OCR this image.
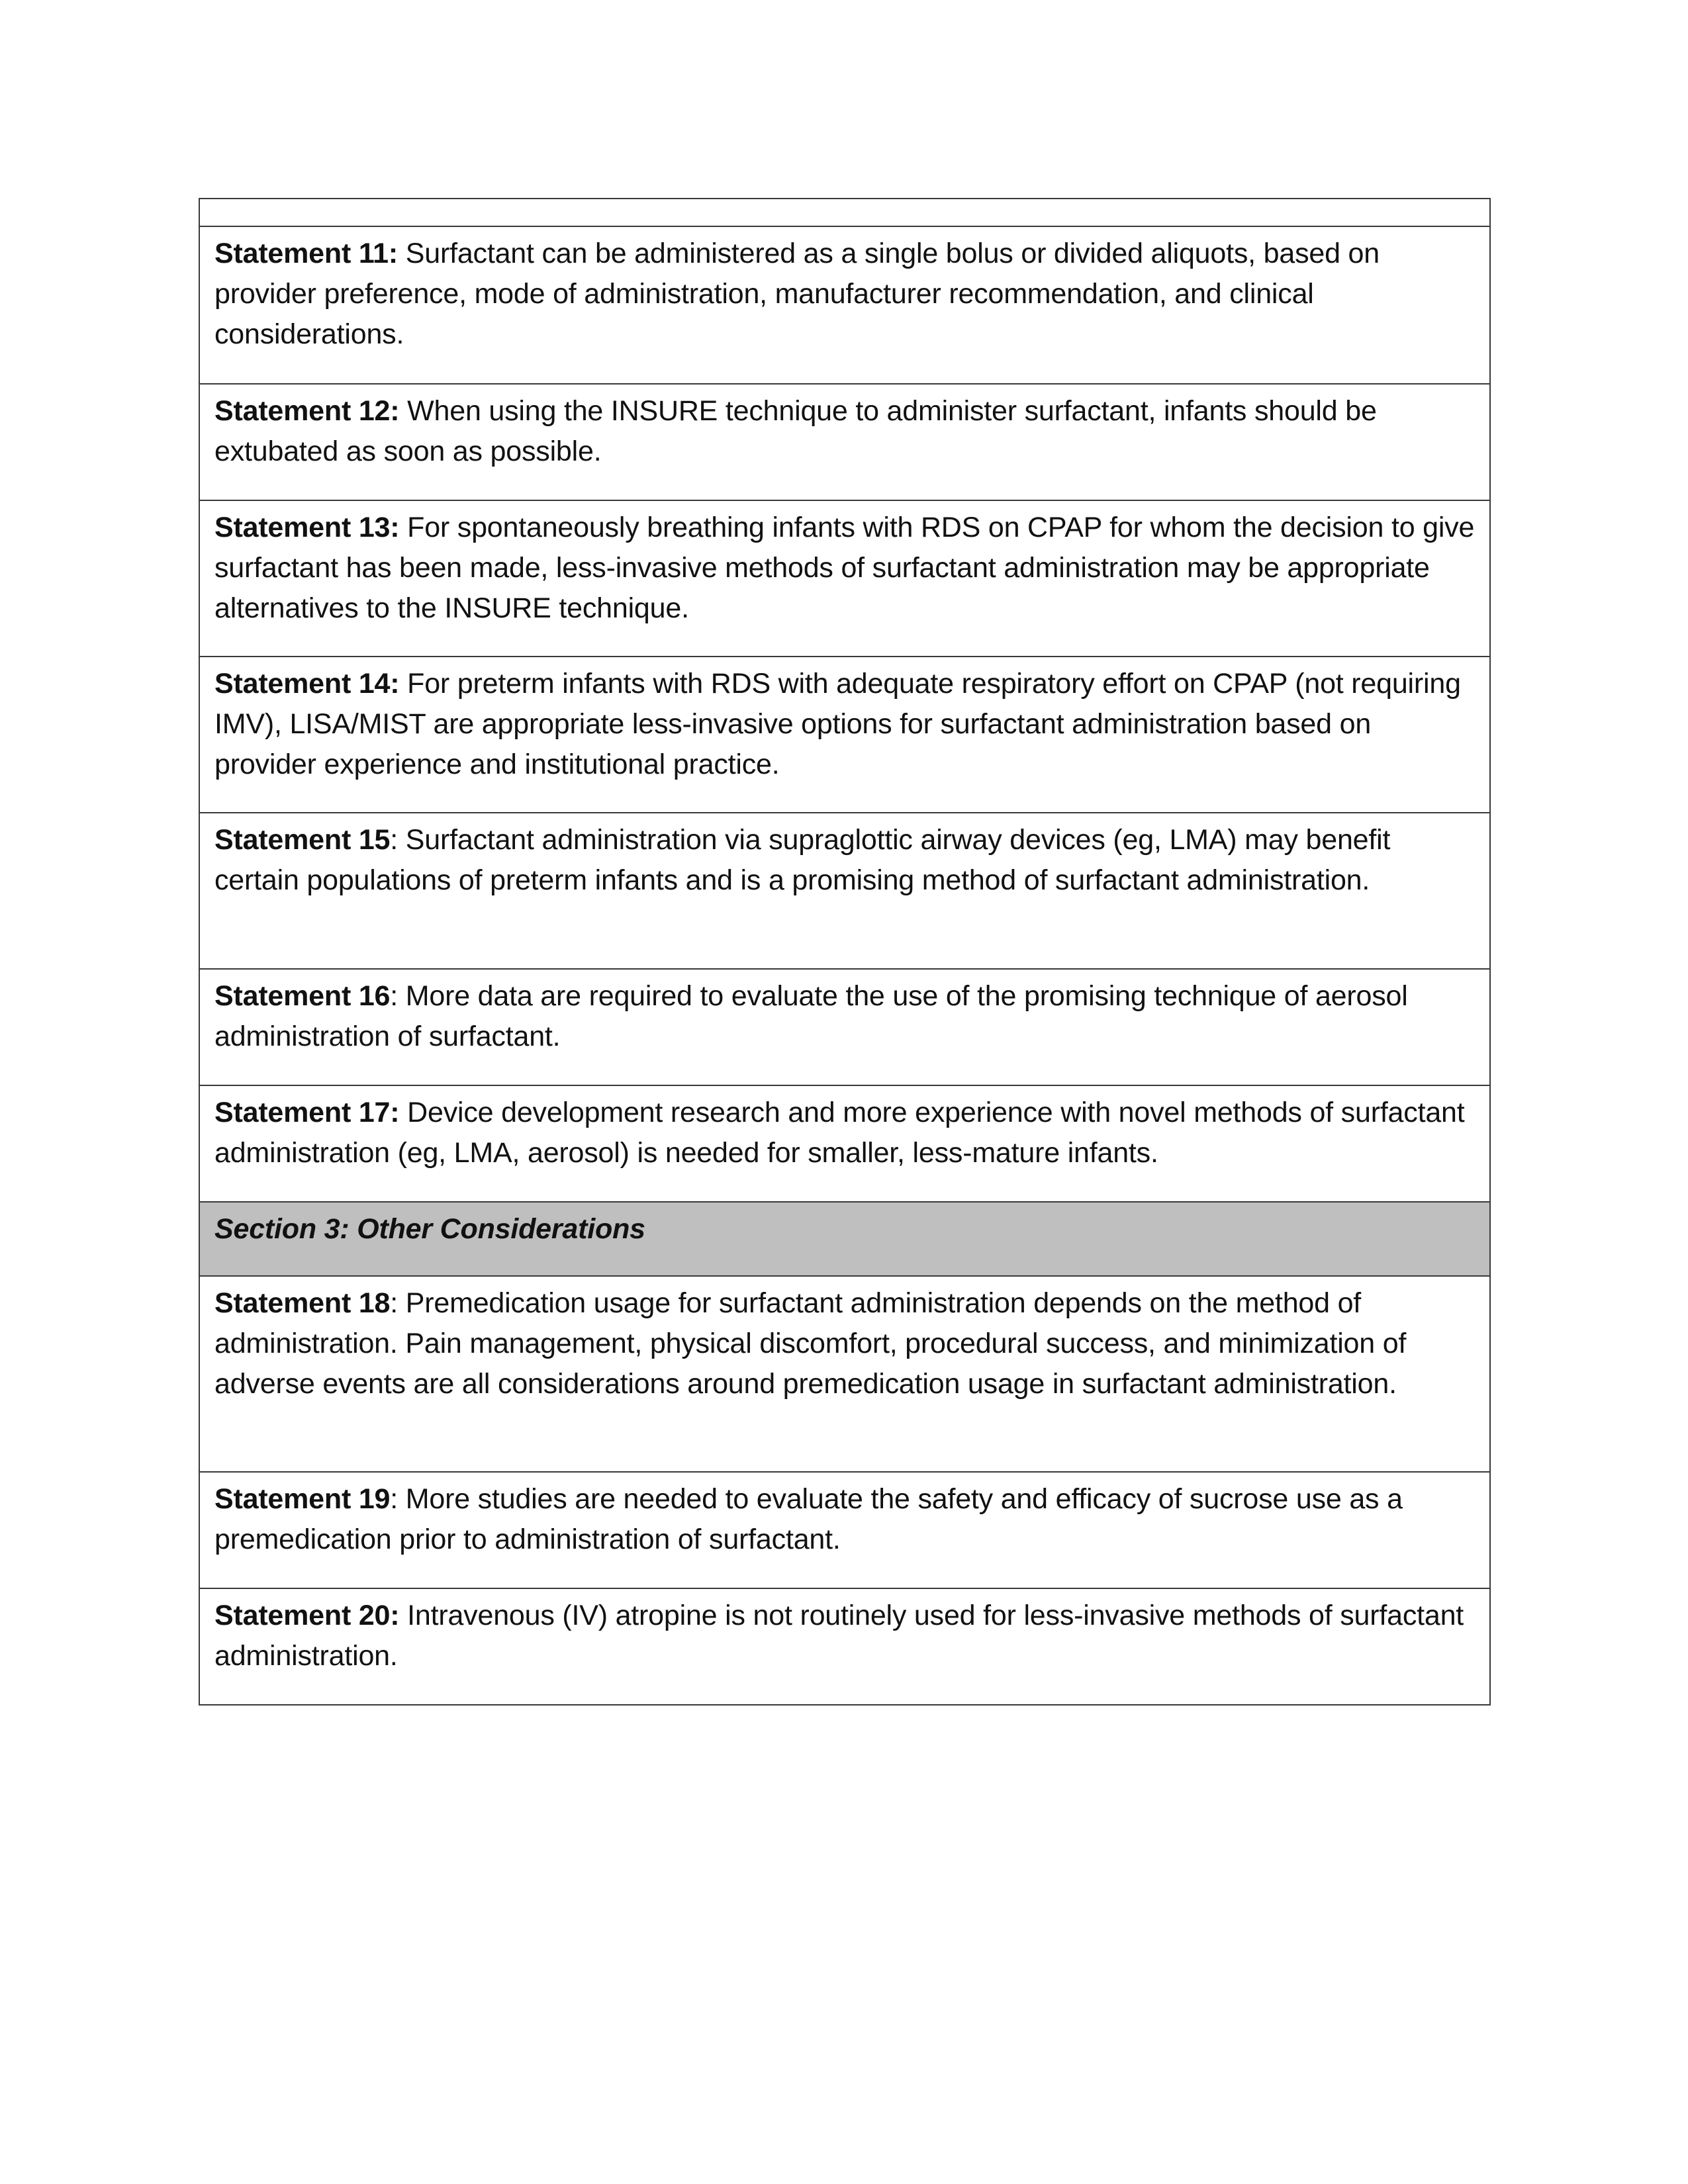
Statement 11: Surfactant can be administered as a single bolus or divided aliquots, based on provider preference, mode of administration, manufacturer recommendation, and clinical considerations.
Statement 12: When using the INSURE technique to administer surfactant, infants should be extubated as soon as possible.
Statement 13: For spontaneously breathing infants with RDS on CPAP for whom the decision to give surfactant has been made, less-invasive methods of surfactant administration may be appropriate alternatives to the INSURE technique.
Statement 14: For preterm infants with RDS with adequate respiratory effort on CPAP (not requiring IMV), LISA/MIST are appropriate less-invasive options for surfactant administration based on provider experience and institutional practice.
Statement 15: Surfactant administration via supraglottic airway devices (eg, LMA) may benefit certain populations of preterm infants and is a promising method of surfactant administration.
Statement 16: More data are required to evaluate the use of the promising technique of aerosol administration of surfactant.
Statement 17: Device development research and more experience with novel methods of surfactant administration (eg, LMA, aerosol) is needed for smaller, less-mature infants.
Section 3: Other Considerations
Statement 18: Premedication usage for surfactant administration depends on the method of administration. Pain management, physical discomfort, procedural success, and minimization of adverse events are all considerations around premedication usage in surfactant administration.
Statement 19: More studies are needed to evaluate the safety and efficacy of sucrose use as a premedication prior to administration of surfactant.
Statement 20: Intravenous (IV) atropine is not routinely used for less-invasive methods of surfactant administration.
